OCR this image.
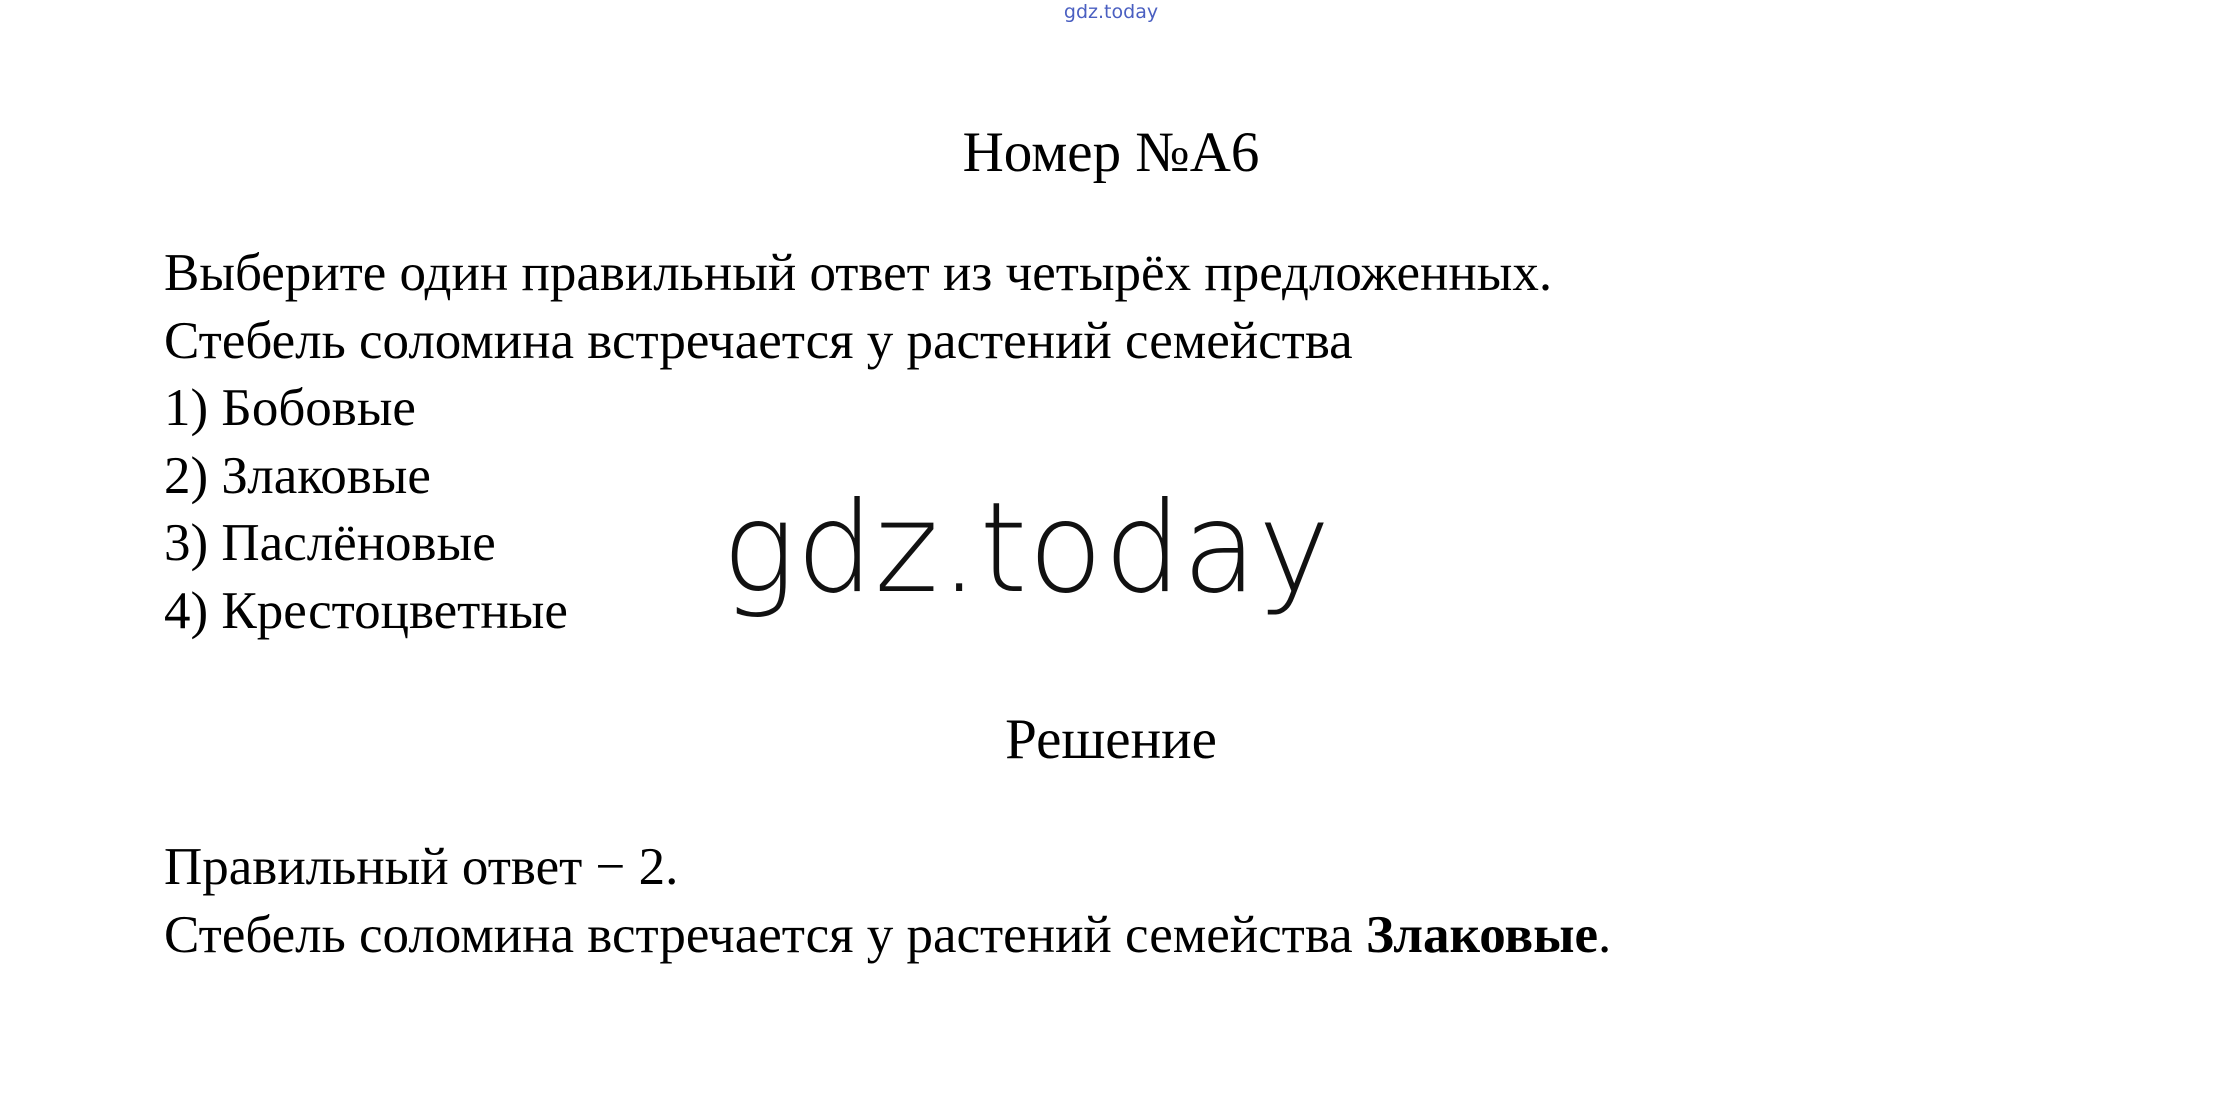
gdz.today
Номер №А6
Выберите один правильный ответ из четырёх предложенных.
Стебель соломина встречается у растений семейства
1) Бобовые
2) Злаковые
3) Паслёновые
4) Крестоцветные	gdz.today
Решение
Правильный ответ − 2.
Стебель соломина встречается у растений семейства Злаковые.
